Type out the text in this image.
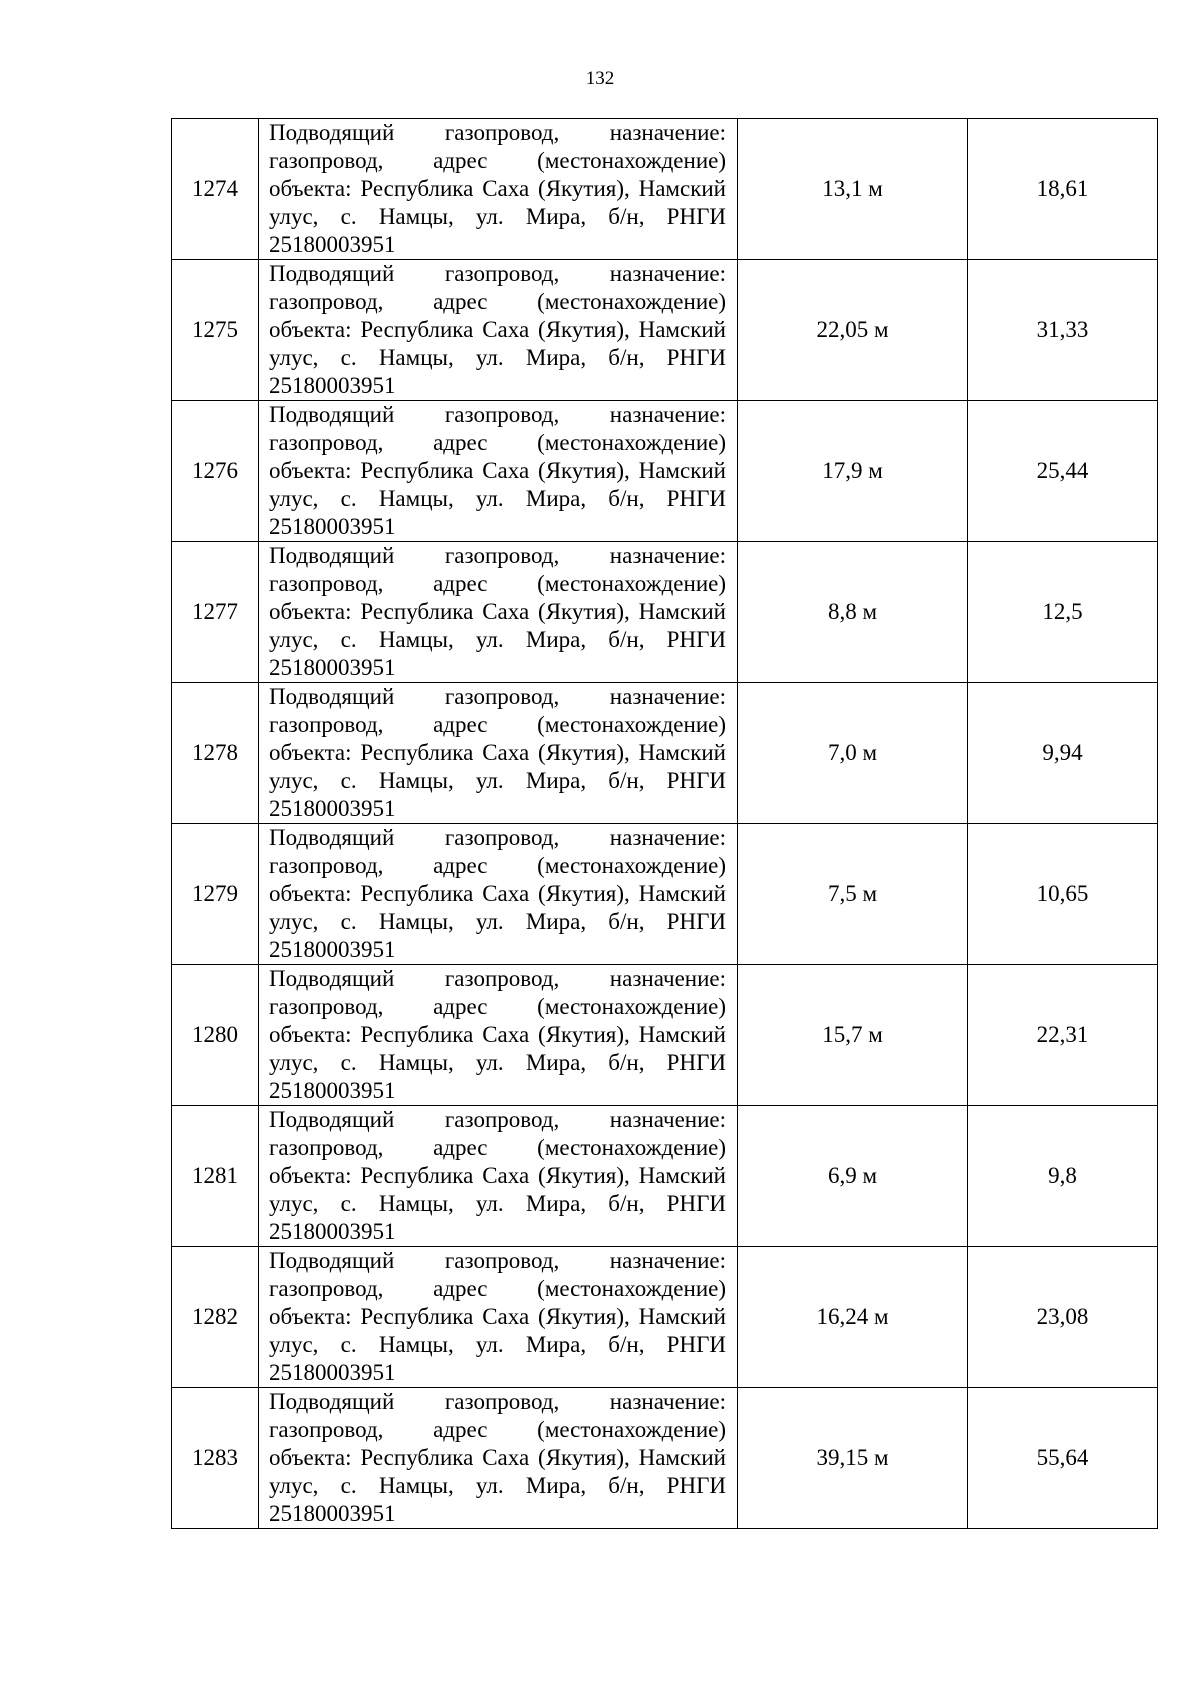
132
1274	Подводящий газопровод, назначение: газопровод, адрес (местонахождение) объекта: Республика Саха (Якутия), Намский улус, с. Намцы, ул. Мира, б/н, РНГИ 25180003951	13,1 м	18,61
1275	Подводящий газопровод, назначение: газопровод, адрес (местонахождение) объекта: Республика Саха (Якутия), Намский улус, с. Намцы, ул. Мира, б/н, РНГИ 25180003951	22,05 м	31,33
1276	Подводящий газопровод, назначение: газопровод, адрес (местонахождение) объекта: Республика Саха (Якутия), Намский улус, с. Намцы, ул. Мира, б/н, РНГИ 25180003951	17,9 м	25,44
1277	Подводящий газопровод, назначение: газопровод, адрес (местонахождение) объекта: Республика Саха (Якутия), Намский улус, с. Намцы, ул. Мира, б/н, РНГИ 25180003951	8,8 м	12,5
1278	Подводящий газопровод, назначение: газопровод, адрес (местонахождение) объекта: Республика Саха (Якутия), Намский улус, с. Намцы, ул. Мира, б/н, РНГИ 25180003951	7,0 м	9,94
1279	Подводящий газопровод, назначение: газопровод, адрес (местонахождение) объекта: Республика Саха (Якутия), Намский улус, с. Намцы, ул. Мира, б/н, РНГИ 25180003951	7,5 м	10,65
1280	Подводящий газопровод, назначение: газопровод, адрес (местонахождение) объекта: Республика Саха (Якутия), Намский улус, с. Намцы, ул. Мира, б/н, РНГИ 25180003951	15,7 м	22,31
1281	Подводящий газопровод, назначение: газопровод, адрес (местонахождение) объекта: Республика Саха (Якутия), Намский улус, с. Намцы, ул. Мира, б/н, РНГИ 25180003951	6,9 м	9,8
1282	Подводящий газопровод, назначение: газопровод, адрес (местонахождение) объекта: Республика Саха (Якутия), Намский улус, с. Намцы, ул. Мира, б/н, РНГИ 25180003951	16,24 м	23,08
1283	Подводящий газопровод, назначение: газопровод, адрес (местонахождение) объекта: Республика Саха (Якутия), Намский улус, с. Намцы, ул. Мира, б/н, РНГИ 25180003951	39,15 м	55,64
